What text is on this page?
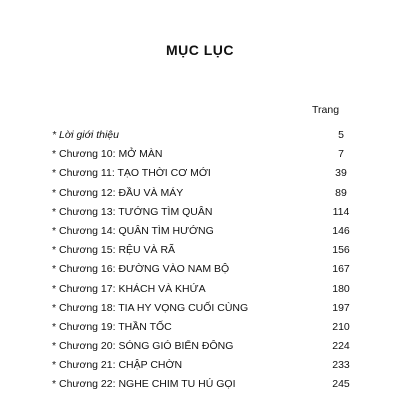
MỤC LỤC
Trang
* Lời giới thiệu	5
* Chương 10: MỞ MÀN	7
* Chương 11: TẠO THỜI CƠ MỚI	39
* Chương 12: ĐẦU VÀ MÁY	89
* Chương 13: TƯỚNG TÌM QUÂN	114
* Chương 14: QUÂN TÌM HƯỚNG	146
* Chương 15: RỆU VÀ RÃ	156
* Chương 16: ĐƯỜNG VÀO NAM BỘ	167
* Chương 17: KHÁCH VÀ KHỨA	180
* Chương 18: TIA HY VỌNG CUỐI CÙNG	197
* Chương 19: THẦN TỐC	210
* Chương 20: SÓNG GIÓ BIỂN ĐÔNG	224
* Chương 21: CHẬP CHỜN	233
* Chương 22: NGHE CHIM TU HÚ GỌI	245
